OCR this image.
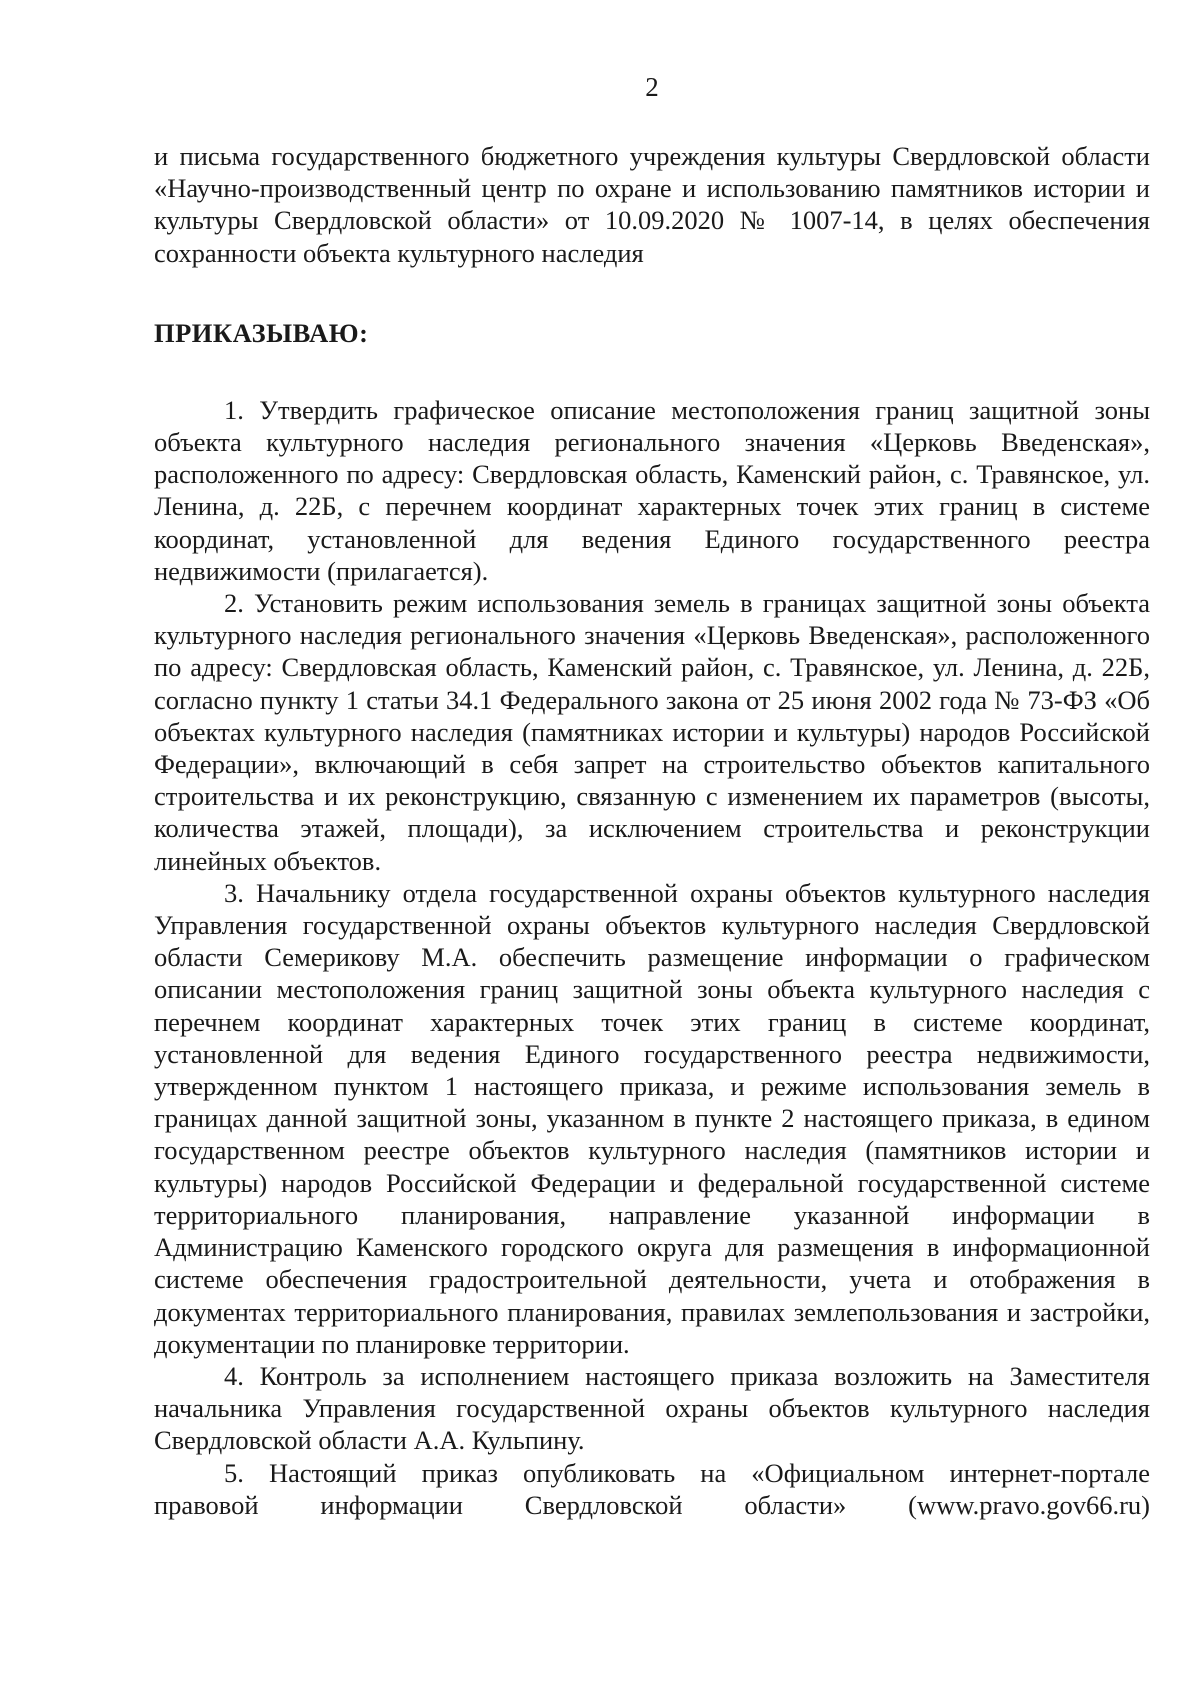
2

и письма государственного бюджетного учреждения культуры Свердловской области «Научно-производственный центр по охране и использованию памятников истории и культуры Свердловской области» от 10.09.2020 № 1007-14, в целях обеспечения сохранности объекта культурного наследия

ПРИКАЗЫВАЮ:

1. Утвердить графическое описание местоположения границ защитной зоны объекта культурного наследия регионального значения «Церковь Введенская», расположенного по адресу: Свердловская область, Каменский район, с. Травянское, ул. Ленина, д. 22Б, с перечнем координат характерных точек этих границ в системе координат, установленной для ведения Единого государственного реестра недвижимости (прилагается).

2. Установить режим использования земель в границах защитной зоны объекта культурного наследия регионального значения «Церковь Введенская», расположенного по адресу: Свердловская область, Каменский район, с. Травянское, ул. Ленина, д. 22Б, согласно пункту 1 статьи 34.1 Федерального закона от 25 июня 2002 года № 73-ФЗ «Об объектах культурного наследия (памятниках истории и культуры) народов Российской Федерации», включающий в себя запрет на строительство объектов капитального строительства и их реконструкцию, связанную с изменением их параметров (высоты, количества этажей, площади), за исключением строительства и реконструкции линейных объектов.

3. Начальнику отдела государственной охраны объектов культурного наследия Управления государственной охраны объектов культурного наследия Свердловской области Семерикову М.А. обеспечить размещение информации о графическом описании местоположения границ защитной зоны объекта культурного наследия с перечнем координат характерных точек этих границ в системе координат, установленной для ведения Единого государственного реестра недвижимости, утвержденном пунктом 1 настоящего приказа, и режиме использования земель в границах данной защитной зоны, указанном в пункте 2 настоящего приказа, в едином государственном реестре объектов культурного наследия (памятников истории и культуры) народов Российской Федерации и федеральной государственной системе территориального планирования, направление указанной информации в Администрацию Каменского городского округа для размещения в информационной системе обеспечения градостроительной деятельности, учета и отображения в документах территориального планирования, правилах землепользования и застройки, документации по планировке территории.

4. Контроль за исполнением настоящего приказа возложить на Заместителя начальника Управления государственной охраны объектов культурного наследия Свердловской области А.А. Кульпину.

5. Настоящий приказ опубликовать на «Официальном интернет-портале правовой информации Свердловской области» (www.pravo.gov66.ru)
